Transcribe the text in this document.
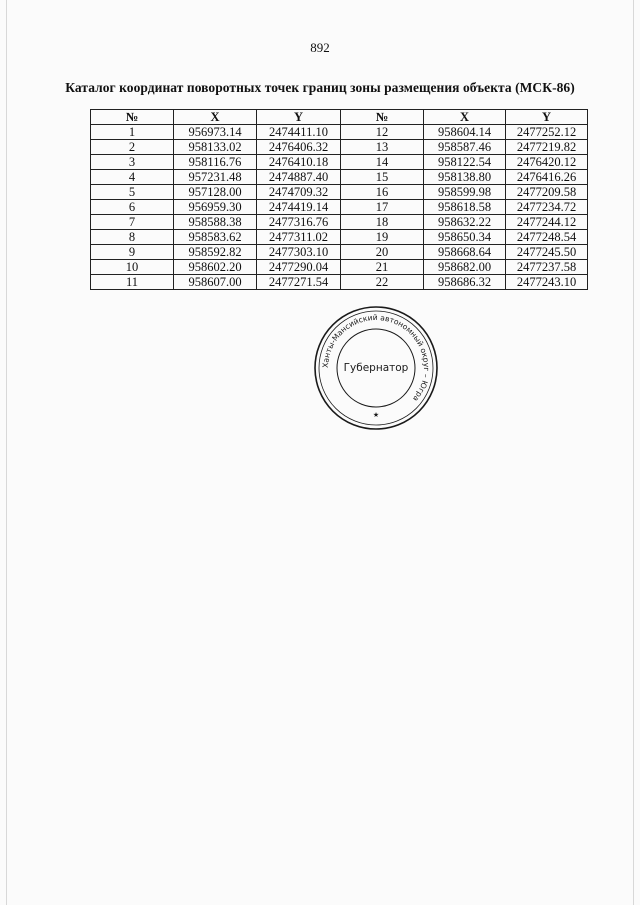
892
Каталог координат поворотных точек границ зоны размещения объекта (МСК-86)
№	X	Y	№	X	Y
1	956973.14	2474411.10	12	958604.14	2477252.12
2	958133.02	2476406.32	13	958587.46	2477219.82
3	958116.76	2476410.18	14	958122.54	2476420.12
4	957231.48	2474887.40	15	958138.80	2476416.26
5	957128.00	2474709.32	16	958599.98	2477209.58
6	956959.30	2474419.14	17	958618.58	2477234.72
7	958588.38	2477316.76	18	958632.22	2477244.12
8	958583.62	2477311.02	19	958650.34	2477248.54
9	958592.82	2477303.10	20	958668.64	2477245.50
10	958602.20	2477290.04	21	958682.00	2477237.58
11	958607.00	2477271.54	22	958686.32	2477243.10
Ханты-Мансийский автономный округ – Югра
Губернатор
★
